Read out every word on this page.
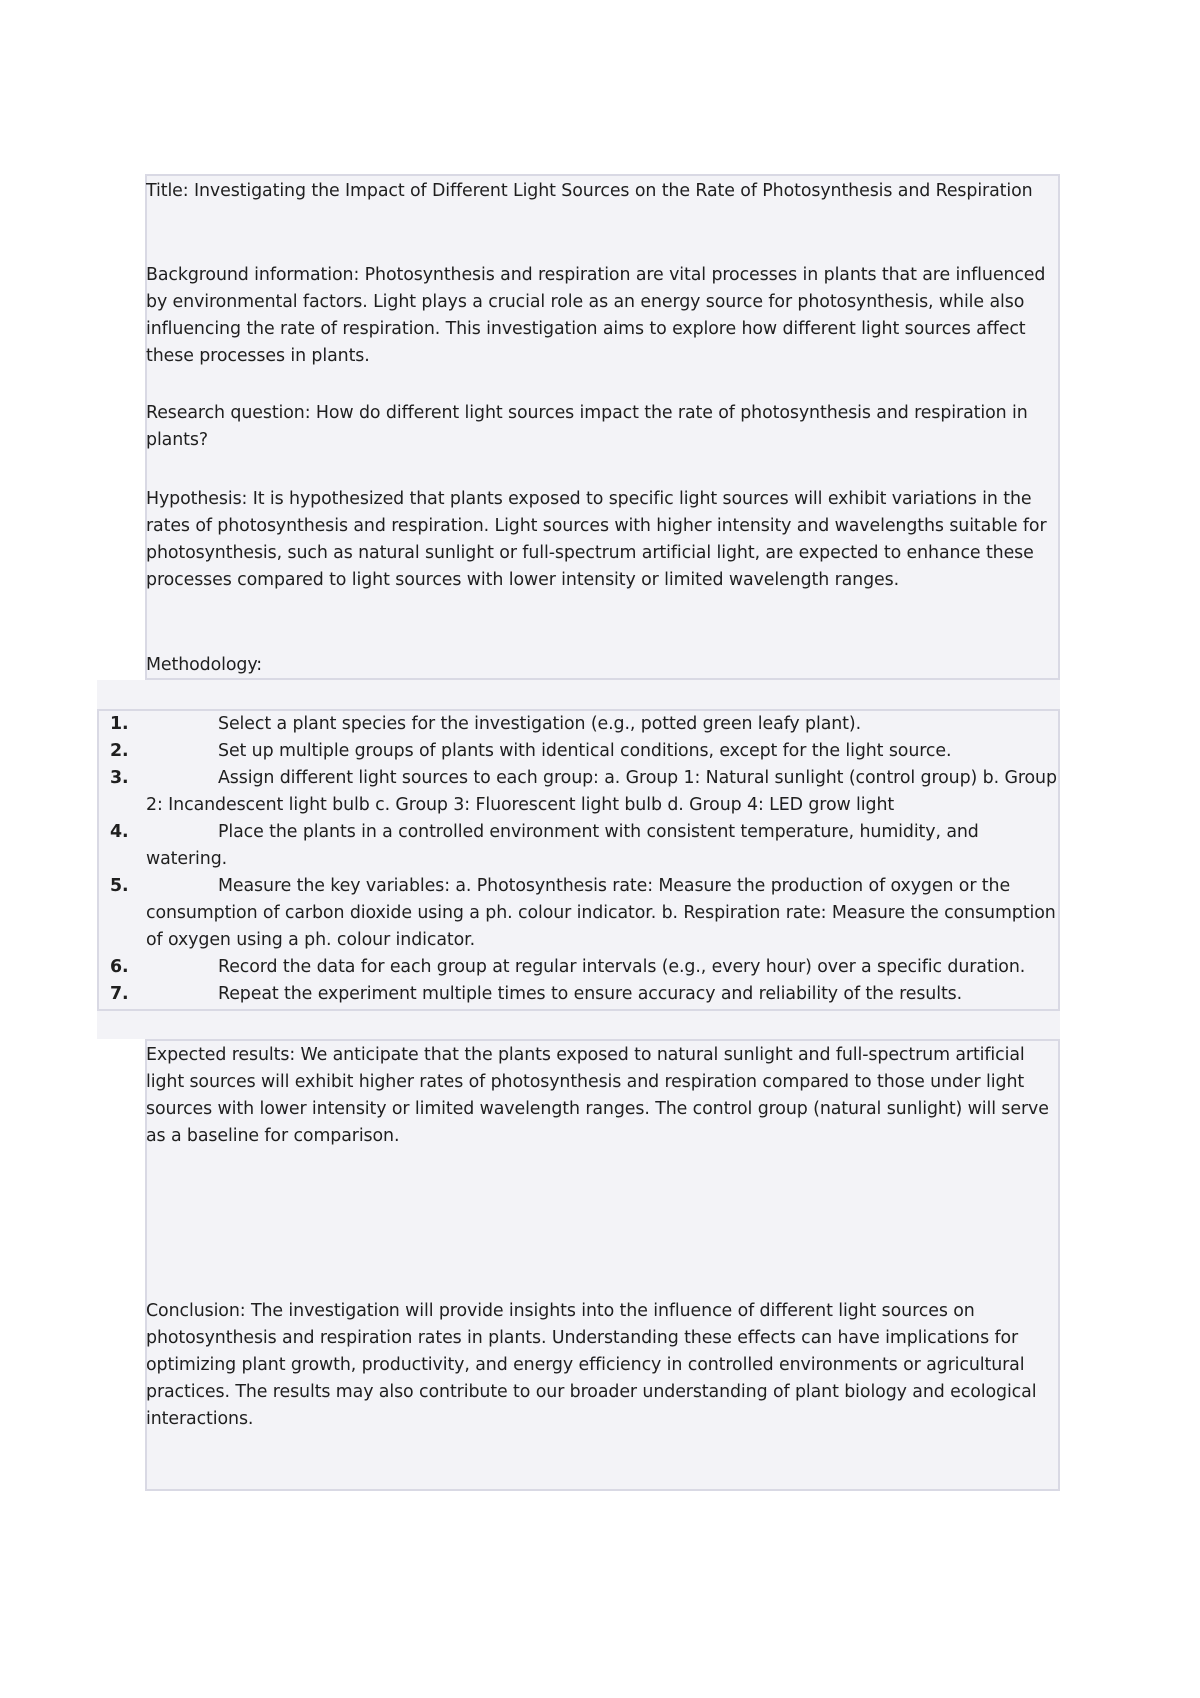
Title: Investigating the Impact of Different Light Sources on the Rate of Photosynthesis and Respiration

Background information: Photosynthesis and respiration are vital processes in plants that are influenced by environmental factors. Light plays a crucial role as an energy source for photosynthesis, while also influencing the rate of respiration. This investigation aims to explore how different light sources affect these processes in plants.

Research question: How do different light sources impact the rate of photosynthesis and respiration in plants?

Hypothesis: It is hypothesized that plants exposed to specific light sources will exhibit variations in the rates of photosynthesis and respiration. Light sources with higher intensity and wavelengths suitable for photosynthesis, such as natural sunlight or full-spectrum artificial light, are expected to enhance these processes compared to light sources with lower intensity or limited wavelength ranges.

Methodology:

1.	Select a plant species for the investigation (e.g., potted green leafy plant).
2.	Set up multiple groups of plants with identical conditions, except for the light source.
3.	Assign different light sources to each group: a. Group 1: Natural sunlight (control group) b. Group 2: Incandescent light bulb c. Group 3: Fluorescent light bulb d. Group 4: LED grow light
4.	Place the plants in a controlled environment with consistent temperature, humidity, and watering.
5.	Measure the key variables: a. Photosynthesis rate: Measure the production of oxygen or the consumption of carbon dioxide using a ph. colour indicator. b. Respiration rate: Measure the consumption of oxygen using a ph. colour indicator.
6.	Record the data for each group at regular intervals (e.g., every hour) over a specific duration.
7.	Repeat the experiment multiple times to ensure accuracy and reliability of the results.

Expected results: We anticipate that the plants exposed to natural sunlight and full-spectrum artificial light sources will exhibit higher rates of photosynthesis and respiration compared to those under light sources with lower intensity or limited wavelength ranges. The control group (natural sunlight) will serve as a baseline for comparison.

Conclusion: The investigation will provide insights into the influence of different light sources on photosynthesis and respiration rates in plants. Understanding these effects can have implications for optimizing plant growth, productivity, and energy efficiency in controlled environments or agricultural practices. The results may also contribute to our broader understanding of plant biology and ecological interactions.
